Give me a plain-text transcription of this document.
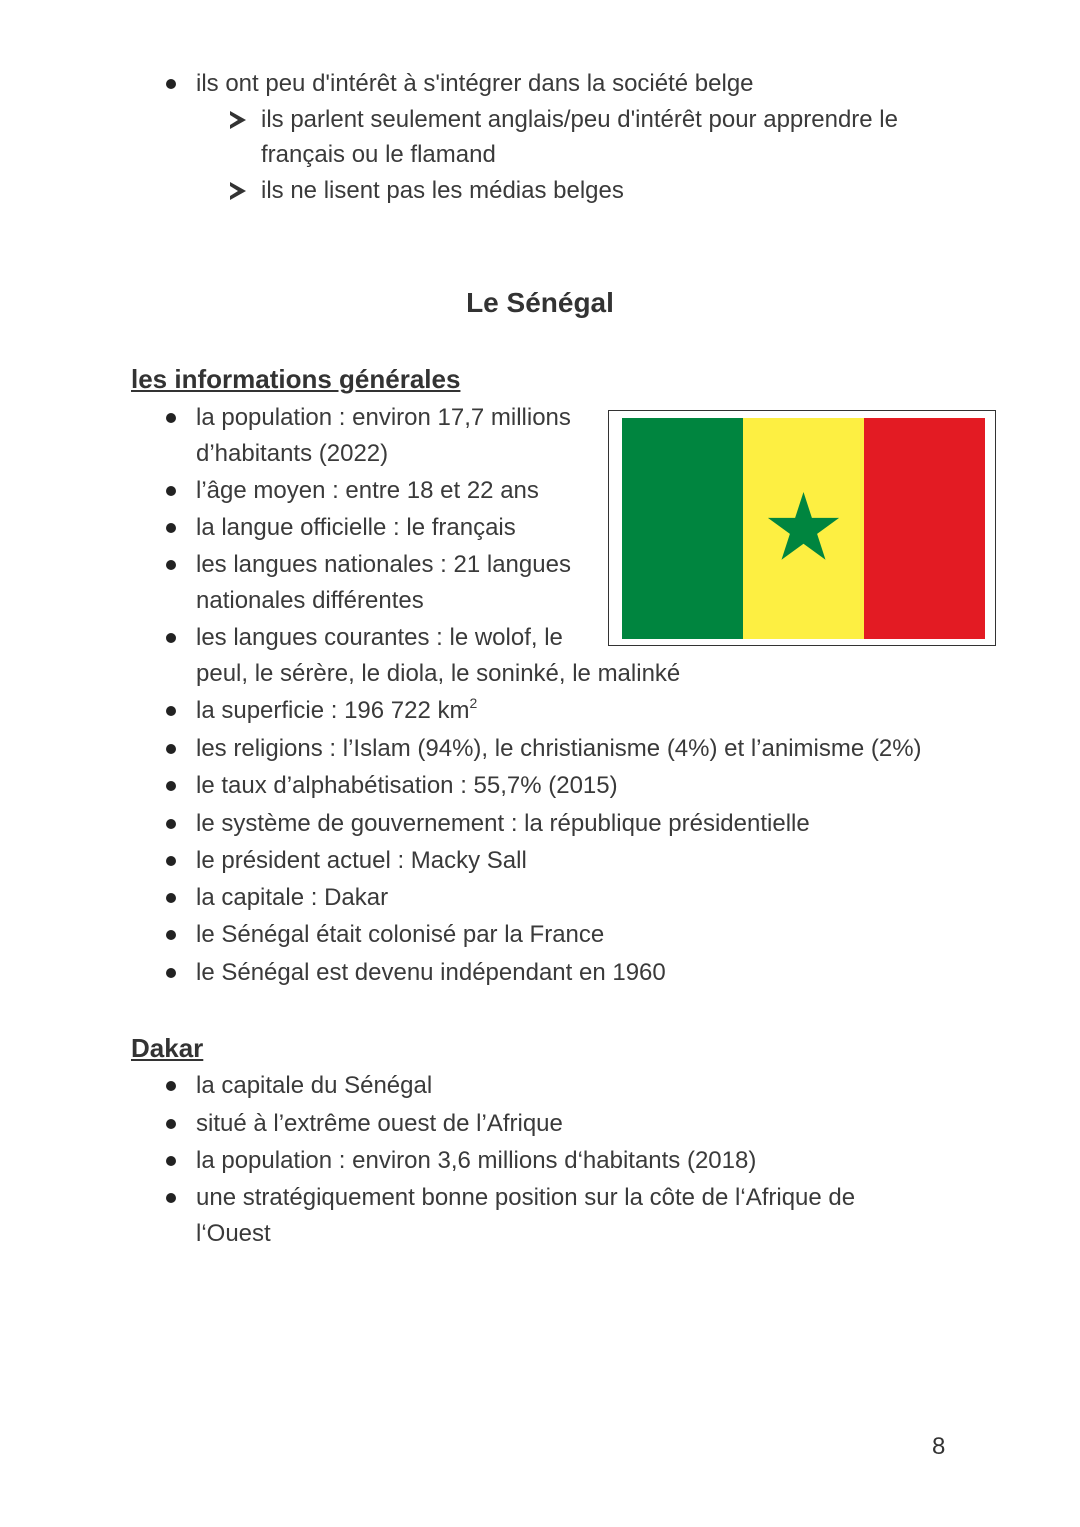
ils ont peu d'intérêt à s'intégrer dans la société belge
ils parlent seulement anglais/peu d'intérêt pour apprendre le
français ou le flamand
ils ne lisent pas les médias belges
Le Sénégal
les informations générales
la population : environ 17,7 millions
d’habitants (2022)
l’âge moyen : entre 18 et 22 ans
la langue officielle : le français
les langues nationales : 21 langues
nationales différentes
les langues courantes : le wolof, le
peul, le sérère, le diola, le soninké, le malinké
la superficie : 196 722 $km^2$
les religions : l’Islam (94%), le christianisme (4%) et l’animisme (2%)
le taux d’alphabétisation : 55,7% (2015)
le système de gouvernement : la république présidentielle
le président actuel : Macky Sall
la capitale : Dakar
le Sénégal était colonisé par la France
le Sénégal est devenu indépendant en 1960
Dakar
la capitale du Sénégal
situé à l’extrême ouest de l’Afrique
la population : environ 3,6 millions d‘habitants (2018)
une stratégiquement bonne position sur la côte de l‘Afrique de
l‘Ouest
8
